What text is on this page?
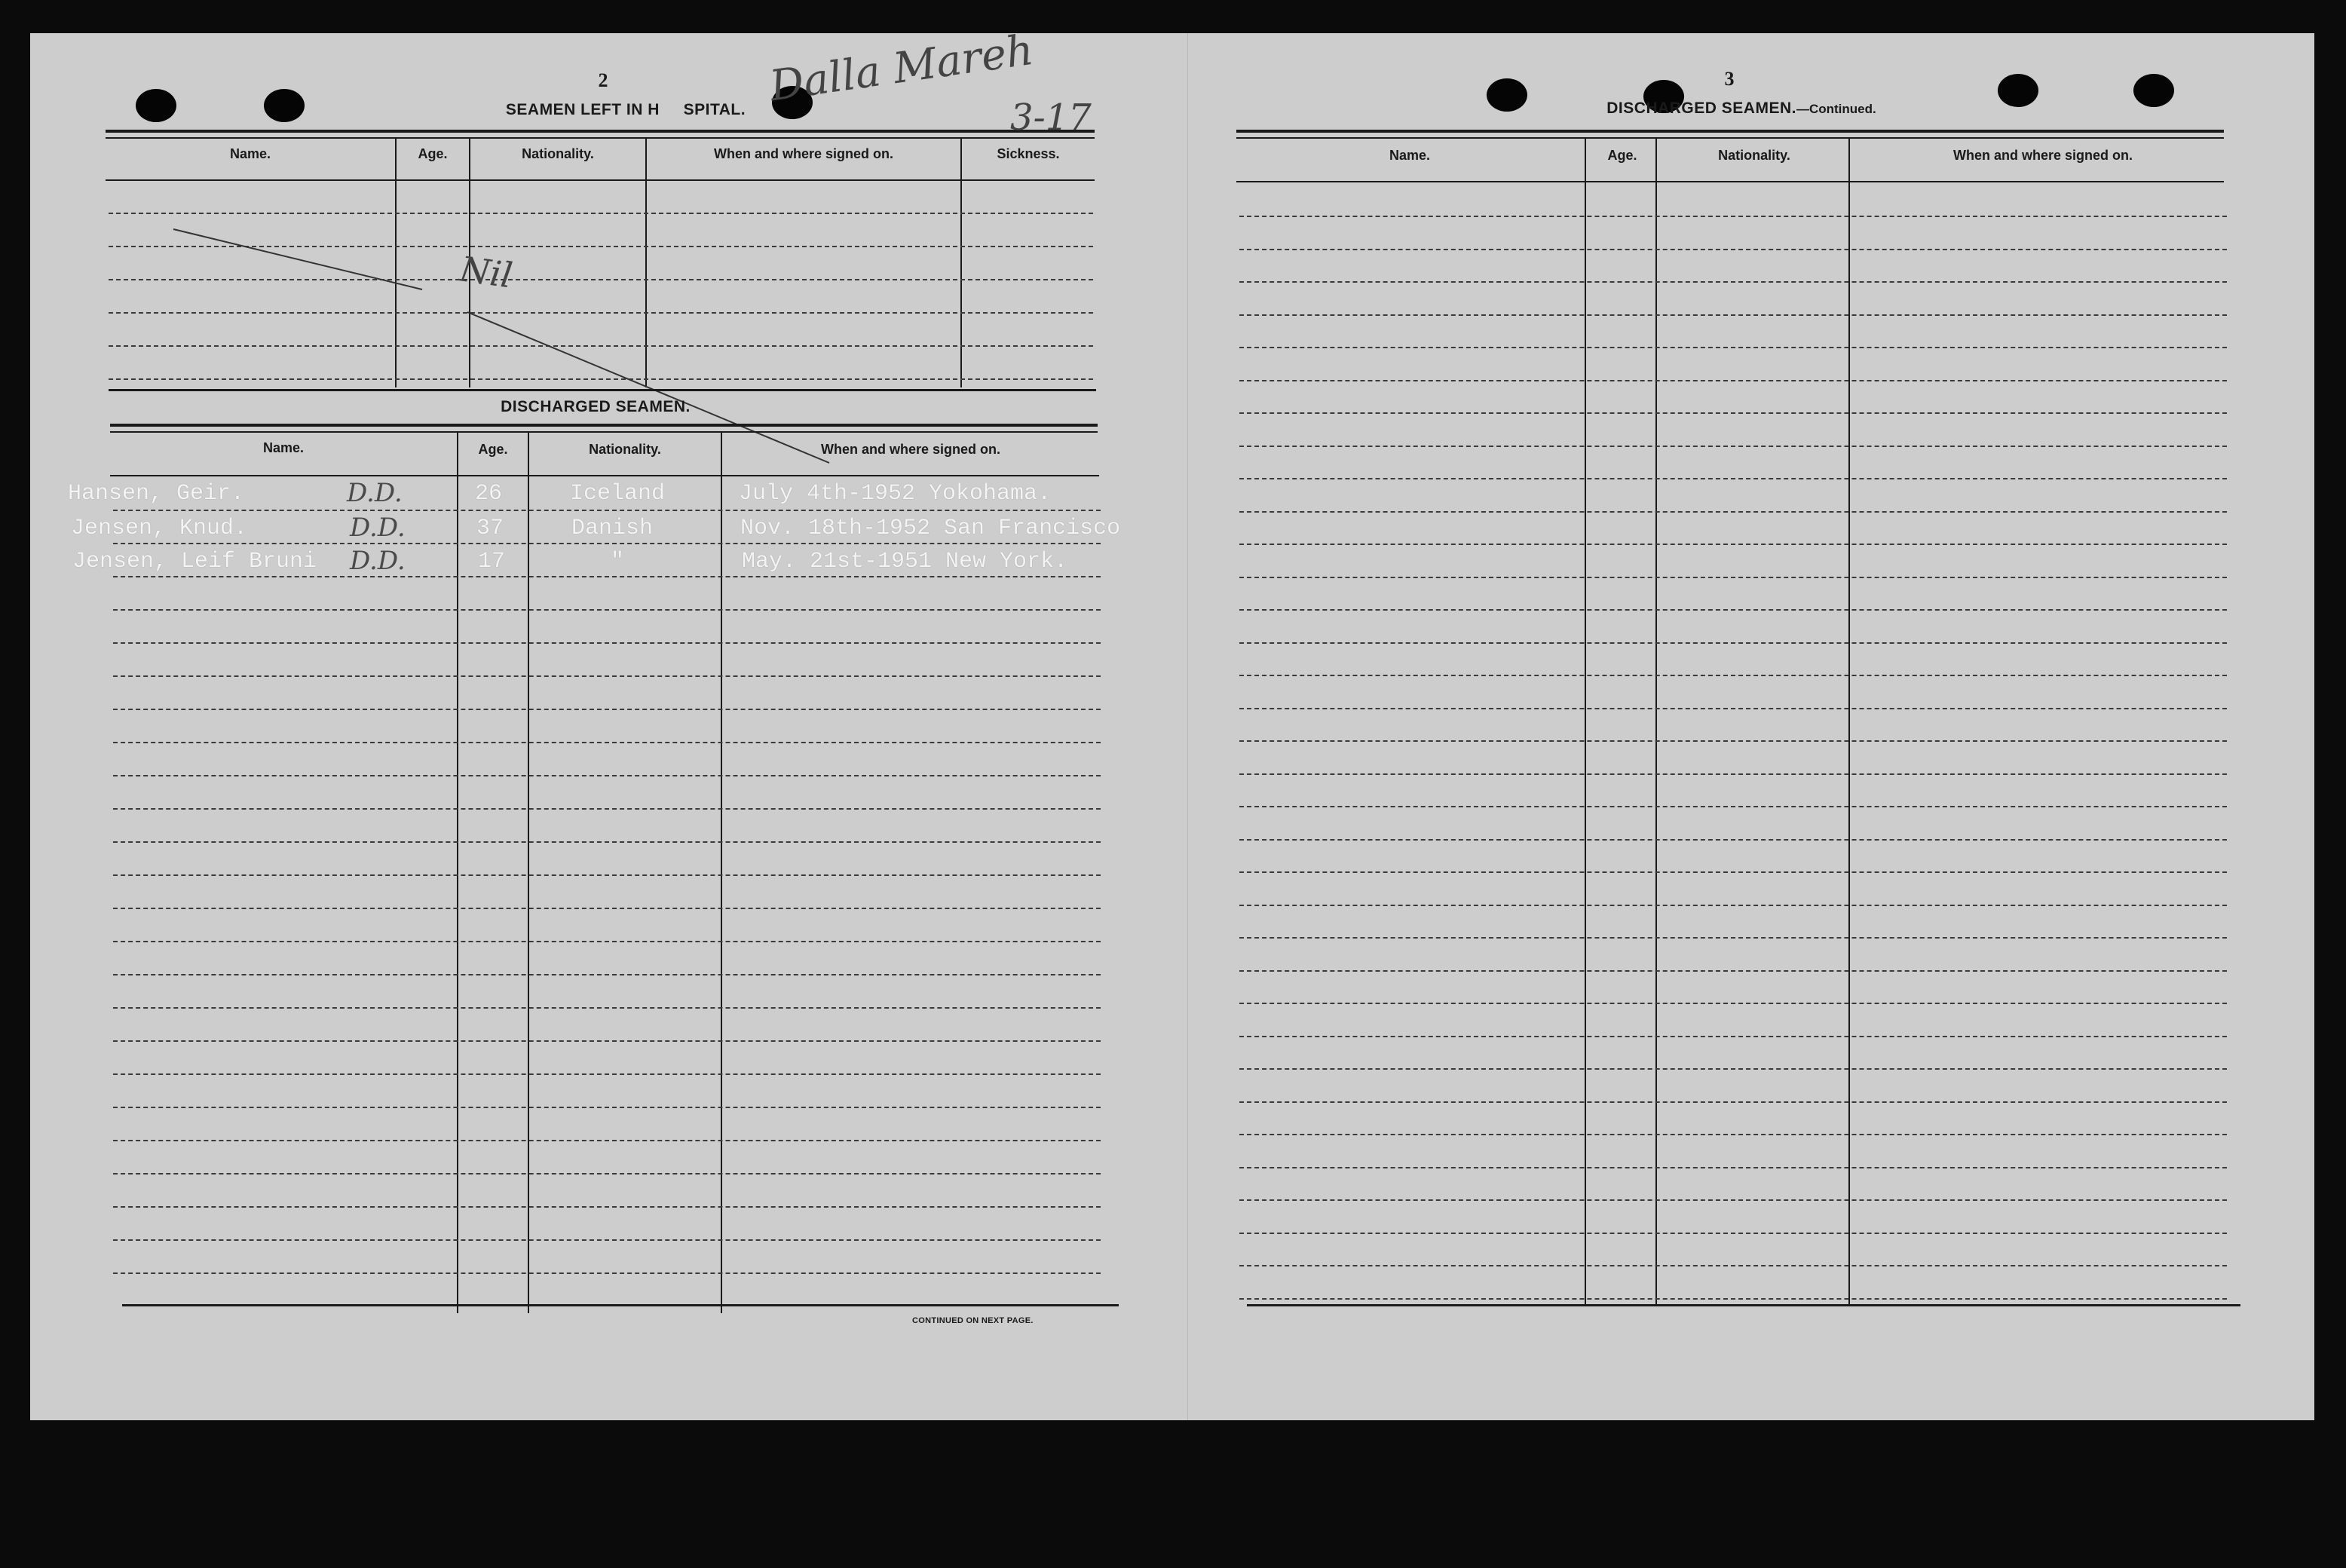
2
SEAMEN LEFT IN H SPITAL.
Name.	Age.	Nationality.	When and where signed on.	Sickness.
Nil
DISCHARGED SEAMEN.
Name.	Age.	Nationality.	When and where signed on.
Hansen, Geir.	D.D.	26	Iceland	July 4th-1952 Yokohama.
Jensen, Knud.	D.D.	37	Danish	Nov. 18th-1952 San Francisco
Jensen, Leif Bruni D.D.	17	"	May. 21st-1951 New York.
CONTINUED ON NEXT PAGE.
Dalla Mareh
3-17
3
DISCHARGED SEAMEN.—Continued.
Name.	Age.	Nationality.	When and where signed on.
